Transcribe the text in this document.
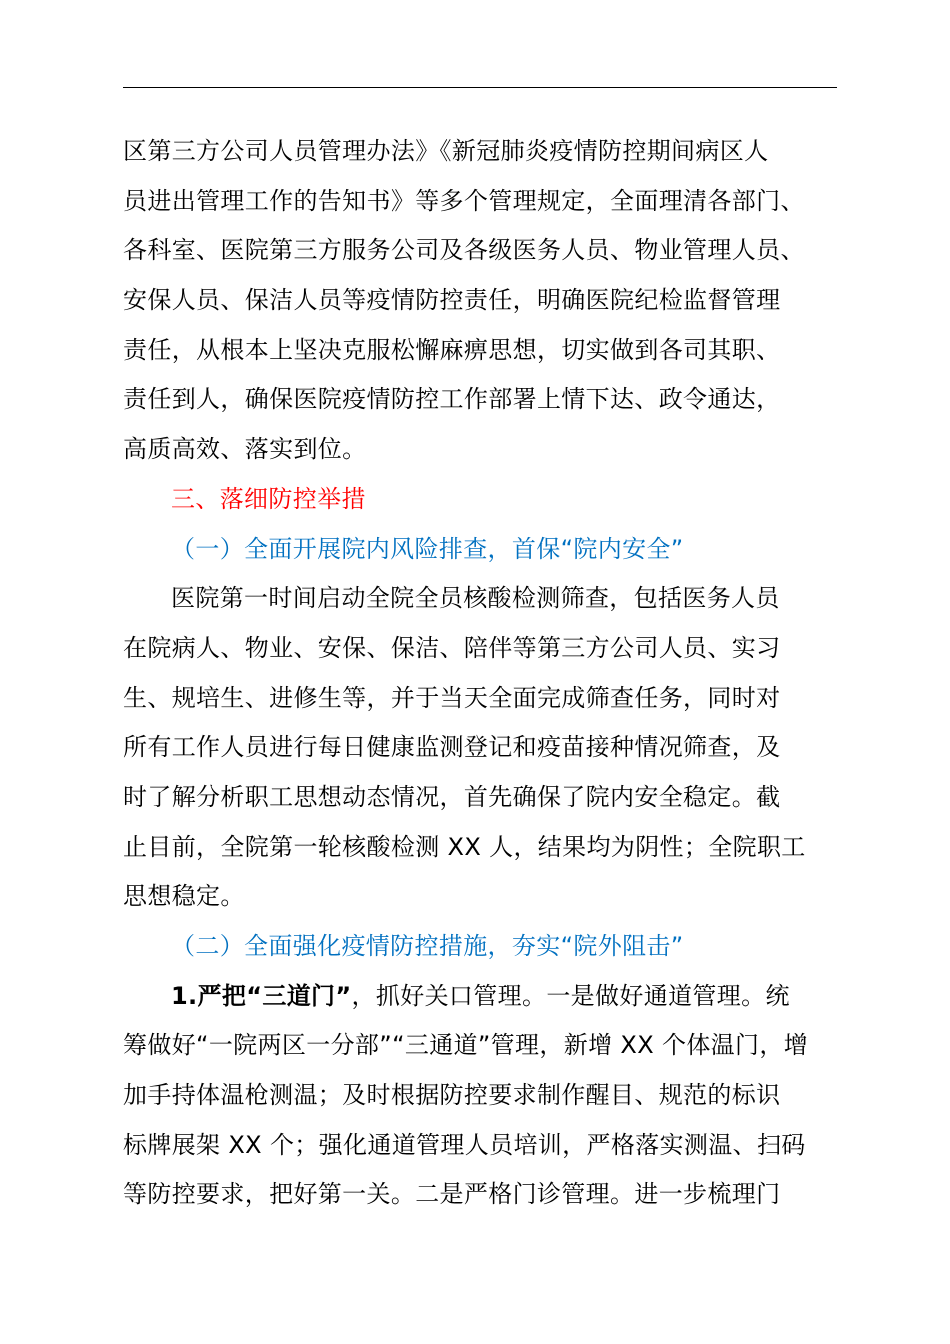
区第三方公司人员管理办法》《新冠肺炎疫情防控期间病区人
员进出管理工作的告知书》等多个管理规定，全面理清各部门、
各科室、医院第三方服务公司及各级医务人员、物业管理人员、
安保人员、保洁人员等疫情防控责任，明确医院纪检监督管理
责任，从根本上坚决克服松懈麻痹思想，切实做到各司其职、
责任到人，确保医院疫情防控工作部署上情下达、政令通达，
高质高效、落实到位。
三、落细防控举措
（一）全面开展院内风险排查，首保“院内安全”
医院第一时间启动全院全员核酸检测筛查，包括医务人员
在院病人、物业、安保、保洁、陪伴等第三方公司人员、实习
生、规培生、进修生等，并于当天全面完成筛查任务，同时对
所有工作人员进行每日健康监测登记和疫苗接种情况筛查，及
时了解分析职工思想动态情况，首先确保了院内安全稳定。截
止目前，全院第一轮核酸检测 XX 人，结果均为阴性；全院职工
思想稳定。
（二）全面强化疫情防控措施，夯实“院外阻击”
1.严把“三道门”，抓好关口管理。一是做好通道管理。统
筹做好“一院两区一分部”“三通道”管理，新增 XX 个体温门，增
加手持体温枪测温；及时根据防控要求制作醒目、规范的标识
标牌展架 XX 个；强化通道管理人员培训，严格落实测温、扫码
等防控要求，把好第一关。二是严格门诊管理。进一步梳理门
